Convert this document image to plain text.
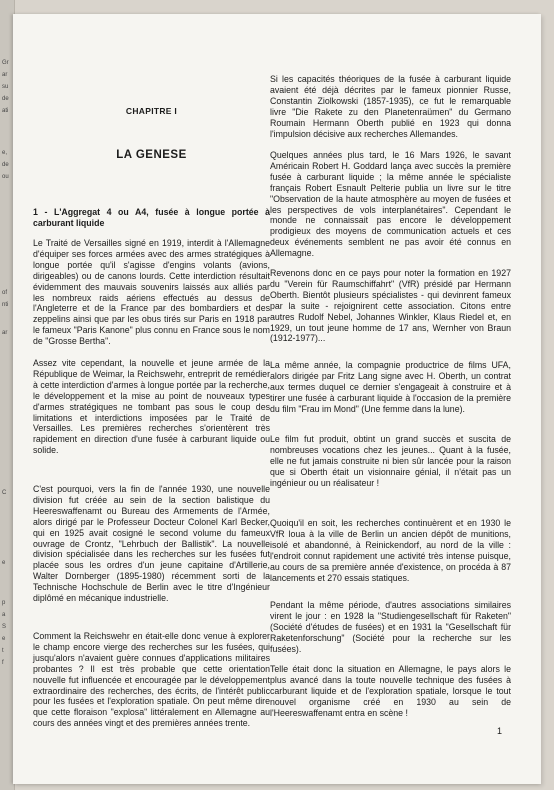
Gr
ar
su
de
ati
e,
de
ou
of
nti
ar
C
e
p
a
S
e
t
f
CHAPITRE I
LA GENESE
1 - L'Aggregat 4 ou A4, fusée à longue portée à carburant liquide
Le Traité de Versailles signé en 1919, interdit à l'Allemagne d'équiper ses forces armées avec des armes stratégiques à longue portée qu'il s'agisse d'engins volants (avions, dirigeables) ou de canons lourds. Cette interdiction résultait évidemment des mauvais souvenirs laissés aux alliés par les nombreux raids aériens effectués au dessus de l'Angleterre et de la France par des bombardiers et des zeppelins ainsi que par les obus tirés sur Paris en 1918 par le fameux "Paris Kanone" plus connu en France sous le nom de "Grosse Bertha".
Assez vite cependant, la nouvelle et jeune armée de la République de Weimar, la Reichswehr, entreprit de remédier à cette interdiction d'armes à longue portée par la recherche, le développement et la mise au point de nouveaux types d'armes stratégiques ne tombant pas sous le coup des limitations et interdictions imposées par le Traité de Versailles. Les premières recherches s'orientèrent très rapidement en direction d'une fusée à carburant liquide ou solide.
C'est pourquoi, vers la fin de l'année 1930, une nouvelle division fut créée au sein de la section balistique du Heereswaffenamt ou Bureau des Armements de l'Armée, alors dirigé par le Professeur Docteur Colonel Karl Becker, qui en 1925 avait cosigné le second volume du fameux ouvrage de Crontz, "Lehrbuch der Ballistik". La nouvelle division spécialisée dans les recherches sur les fusées fut placée sous les ordres d'un jeune capitaine d'Artillerie, Walter Dornberger (1895-1980) récemment sorti de la Technische Hochschule de Berlin avec le titre d'Ingénieur diplômé en mécanique industrielle.
Comment la Reichswehr en était-elle donc venue à explorer le champ encore vierge des recherches sur les fusées, qui jusqu'alors n'avaient guère connues d'applications militaires probantes ? Il est très probable que cette orientation nouvelle fut influencée et encouragée par le développement extraordinaire des recherches, des écrits, de l'intérêt public pour les fusées et l'exploration spatiale. On peut même dire que cette floraison "explosa" littéralement en Allemagne au cours des années vingt et des premières années trente.
Si les capacités théoriques de la fusée à carburant liquide avaient été déjà décrites par le fameux pionnier Russe, Constantin Ziolkowski (1857-1935), ce fut le remarquable livre "Die Rakete zu den Planetenraümen" du Germano Roumain Hermann Oberth publié en 1923 qui donna l'impulsion décisive aux recherches Allemandes.
Quelques années plus tard, le 16 Mars 1926, le savant Américain Robert H. Goddard lança avec succès la première fusée à carburant liquide ; la même année le spécialiste français Robert Esnault Pelterie publia un livre sur le titre "Observation de la haute atmosphère au moyen de fusées et les perspectives de vols interplanétaires". Cependant le monde ne connaissait pas encore le développement prodigieux des moyens de communication actuels et ces deux événements semblent ne pas avoir été connus en Allemagne.
Revenons donc en ce pays pour noter la formation en 1927 du "Verein für Raumschiffahrt" (VfR) présidé par Hermann Oberth. Bientôt plusieurs spécialistes - qui devinrent fameux par la suite - rejoignirent cette association. Citons entre autres Rudolf Nebel, Johannes Winkler, Klaus Riedel et, en 1929, un tout jeune homme de 17 ans, Wernher von Braun (1912-1977)...
La même année, la compagnie productrice de films UFA, alors dirigée par Fritz Lang signe avec H. Oberth, un contrat aux termes duquel ce dernier s'engageait à construire et à tirer une fusée à carburant liquide à l'occasion de la première du film "Frau im Mond" (Une femme dans la lune).
Le film fut produit, obtint un grand succès et suscita de nombreuses vocations chez les jeunes... Quant à la fusée, elle ne fut jamais construite ni bien sûr lancée pour la raison que si Oberth était un visionnaire génial, il n'était pas un ingénieur ou un réalisateur !
Quoiqu'il en soit, les recherches continuèrent et en 1930 le VfR loua à la ville de Berlin un ancien dépôt de munitions, isolé et abandonné, à Reinickendorf, au nord de la ville : l'endroit connut rapidement une activité très intense puisque, au cours de sa première année d'existence, on procéda à 87 lancements et 270 essais statiques.
Pendant la même période, d'autres associations similaires virent le jour : en 1928 la "Studiengesellschaft für Raketen" (Société d'études de fusées) et en 1931 la "Gesellschaft für Raketenforschung" (Société pour la recherche sur les fusées).
Telle était donc la situation en Allemagne, le pays alors le plus avancé dans la toute nouvelle technique des fusées à carburant liquide et de l'exploration spatiale, lorsque le tout nouvel organisme créé en 1930 au sein de l'Heereswaffenamt entra en scène !
1
